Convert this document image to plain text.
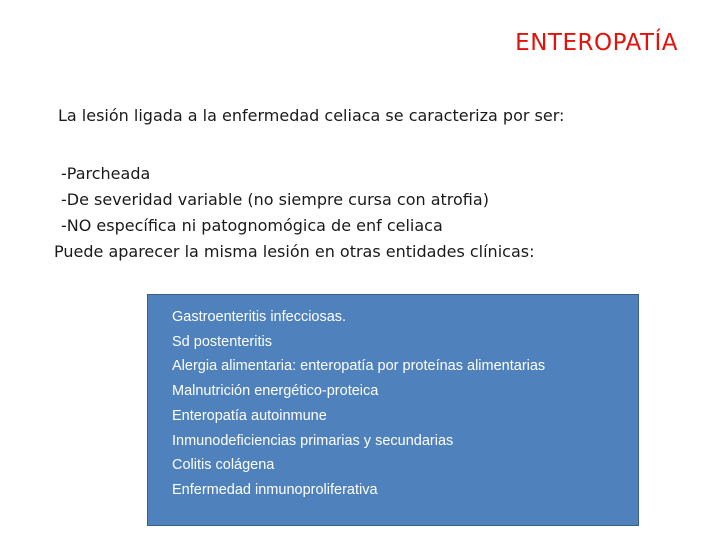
ENTEROPATÍA
La lesión ligada a la enfermedad celiaca se caracteriza por ser:
-Parcheada
-De severidad variable (no siempre cursa con atrofia)
-NO específica ni patognomógica de enf celiaca
Puede aparecer la misma lesión en otras entidades clínicas:
Gastroenteritis infecciosas.
Sd postenteritis
Alergia alimentaria: enteropatía por proteínas alimentarias
Malnutrición energético-proteica
Enteropatía autoinmune
Inmunodeficiencias primarias y secundarias
Colitis colágena
Enfermedad inmunoproliferativa
